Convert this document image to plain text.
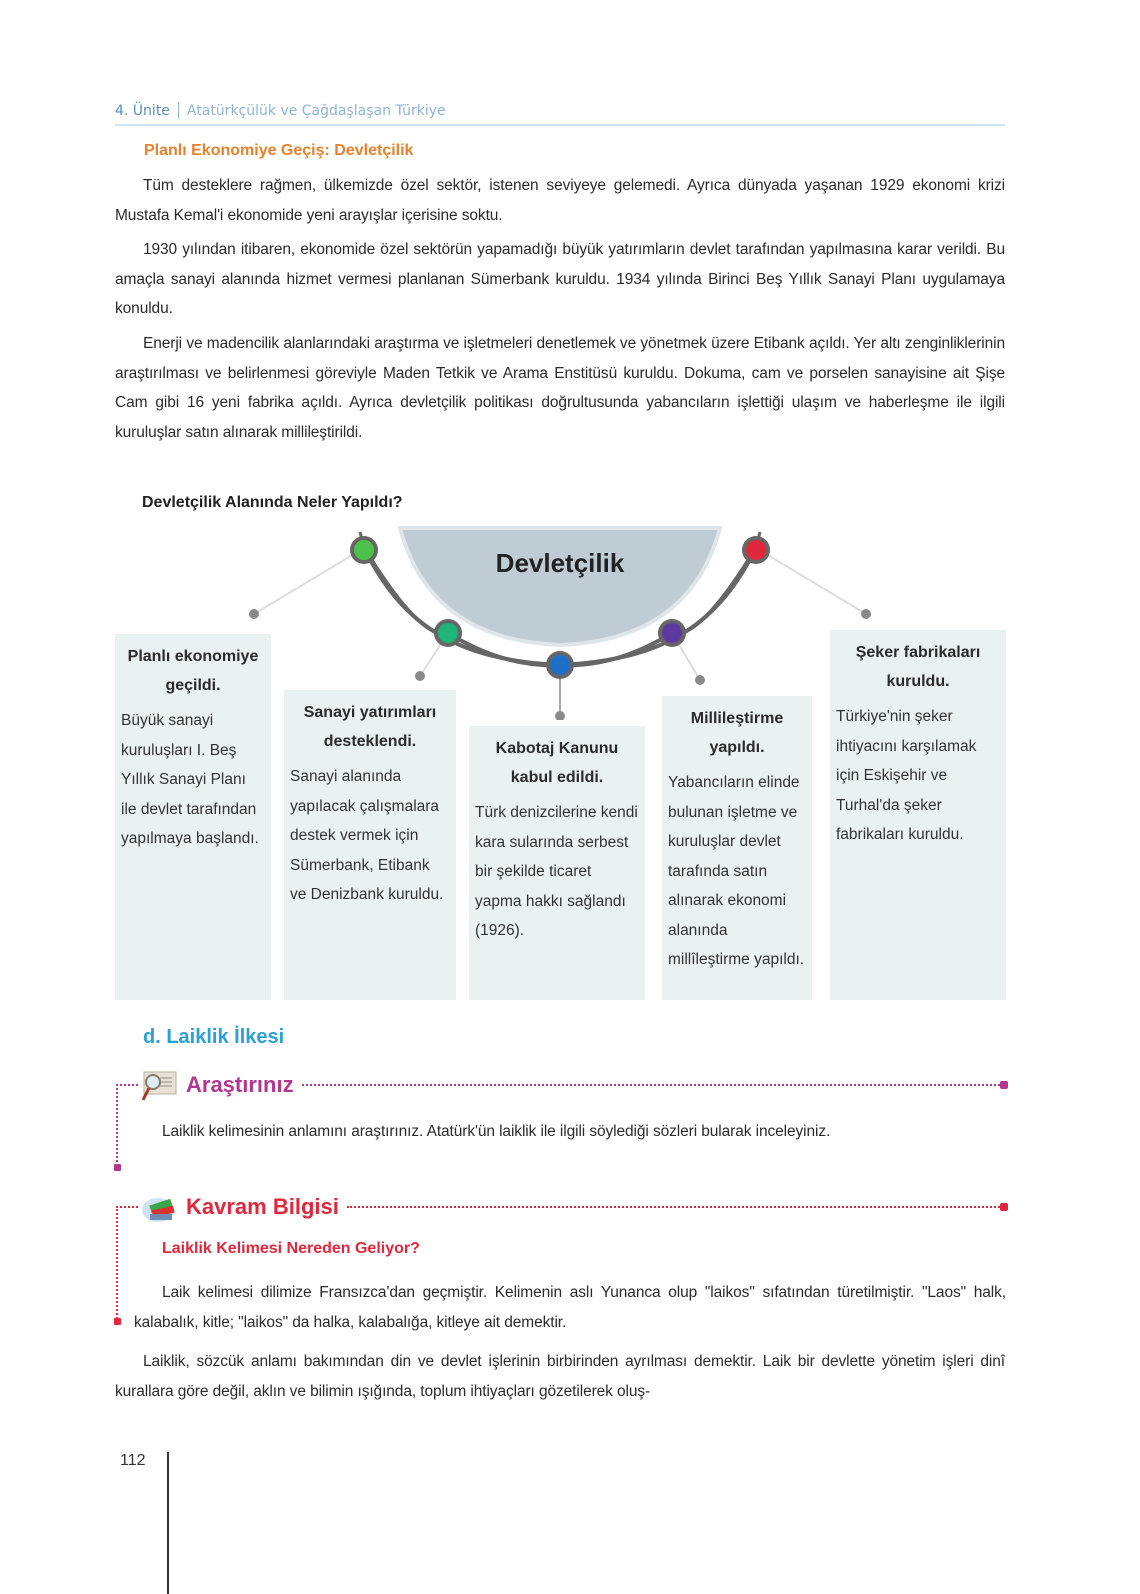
4. Ünite Atatürkçülük ve Çağdaşlaşan Türkiye
Planlı Ekonomiye Geçiş: Devletçilik
Tüm desteklere rağmen, ülkemizde özel sektör, istenen seviyeye gelemedi. Ayrıca dünyada yaşanan 1929 ekonomi krizi Mustafa Kemal'i ekonomide yeni arayışlar içerisine soktu.
1930 yılından itibaren, ekonomide özel sektörün yapamadığı büyük yatırımların devlet tarafından yapılmasına karar verildi. Bu amaçla sanayi alanında hizmet vermesi planlanan Sümerbank kuruldu. 1934 yılında Birinci Beş Yıllık Sanayi Planı uygulamaya konuldu.
Enerji ve madencilik alanlarındaki araştırma ve işletmeleri denetlemek ve yönetmek üzere Etibank açıldı. Yer altı zenginliklerinin araştırılması ve belirlenmesi göreviyle Maden Tetkik ve Arama Enstitüsü kuruldu. Dokuma, cam ve porselen sanayisine ait Şişe Cam gibi 16 yeni fabrika açıldı. Ayrıca devletçilik politikası doğrultusunda yabancıların işlettiği ulaşım ve haberleşme ile ilgili kuruluşlar satın alınarak millileştirildi.
Devletçilik Alanında Neler Yapıldı?
Devletçilik
Planlı ekonomiye geçildi.

Büyük sanayi kuruluşları I. Beş Yıllık Sanayi Planı ile devlet tarafından yapılmaya başlandı.

Sanayi yatırımları desteklendi.

Sanayi alanında yapılacak çalışmalara destek vermek için Sümerbank, Etibank ve Denizbank kuruldu.

Kabotaj Kanunu kabul edildi.

Türk denizcilerine kendi kara sularında serbest bir şekilde ticaret yapma hakkı sağlandı (1926).

Millileştirme yapıldı.

Yabancıların elinde bulunan işletme ve kuruluşlar devlet tarafında satın alınarak ekonomi alanında millîleştirme yapıldı.

Şeker fabrikaları kuruldu.

Türkiye'nin şeker ihtiyacını karşılamak için Eskişehir ve Turhal'da şeker fabrikaları kuruldu.

d. Laiklik İlkesi
Araştırınız
Laiklik kelimesinin anlamını araştırınız. Atatürk'ün laiklik ile ilgili söylediği sözleri bularak inceleyiniz.
Kavram Bilgisi
Laiklik Kelimesi Nereden Geliyor?
Laik kelimesi dilimize Fransızca'dan geçmiştir. Kelimenin aslı Yunanca olup "laikos" sıfatından türetilmiştir. "Laos" halk, kalabalık, kitle; "laikos" da halka, kalabalığa, kitleye ait demektir.
Laiklik, sözcük anlamı bakımından din ve devlet işlerinin birbirinden ayrılması demektir. Laik bir devlette yönetim işleri dinî kurallara göre değil, aklın ve bilimin ışığında, toplum ihtiyaçları gözetilerek oluş-
112
